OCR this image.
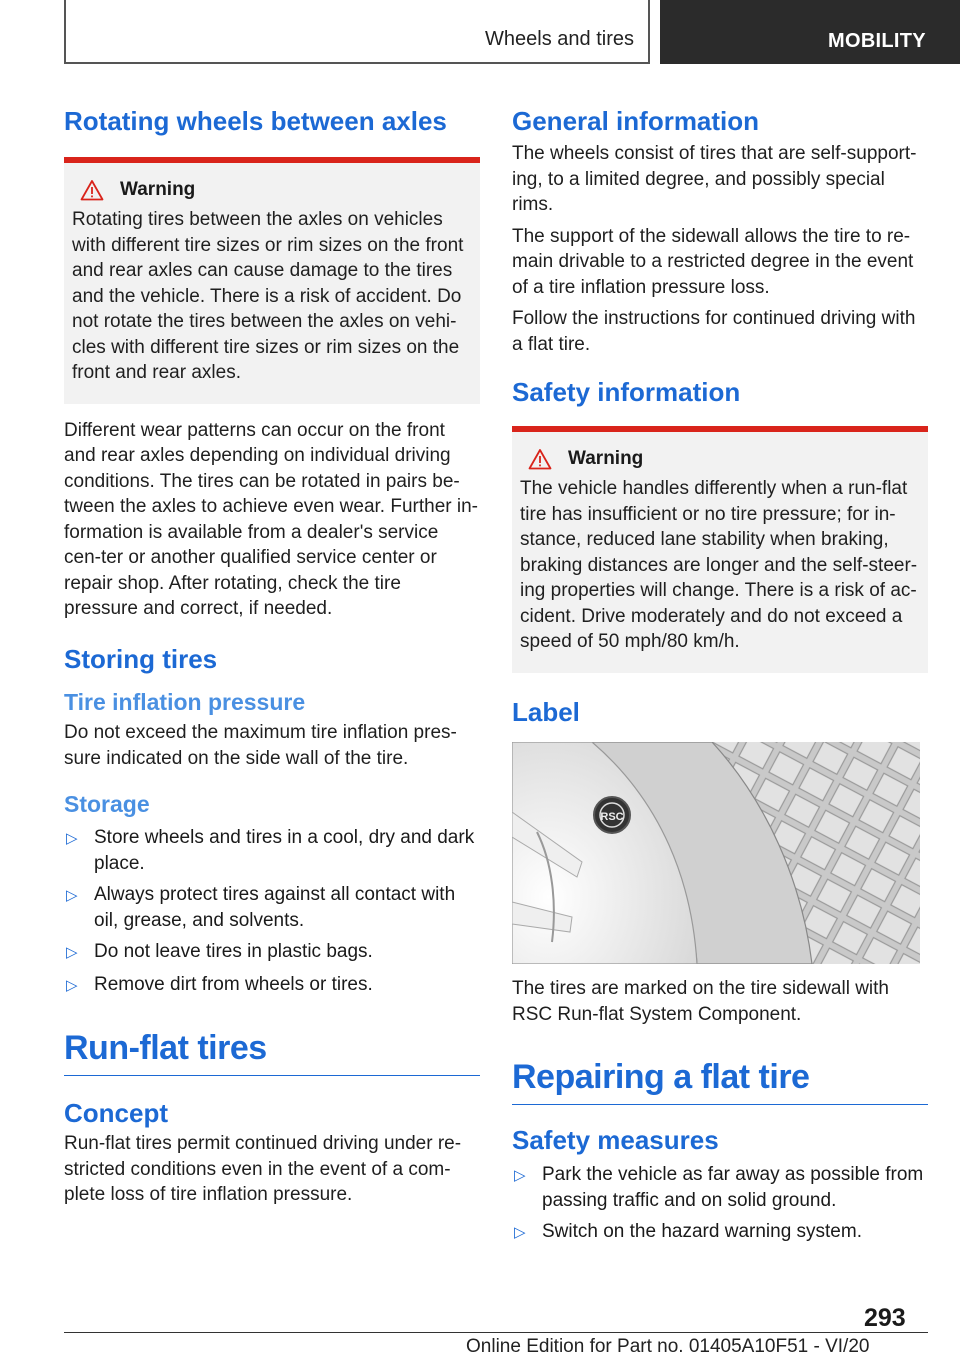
Wheels and tires	MOBILITY
Rotating wheels between axles
Warning

Rotating tires between the axles on vehicles with different tire sizes or rim sizes on the front and rear axles can cause damage to the tires and the vehicle. There is a risk of accident. Do not rotate the tires between the axles on vehi-cles with different tire sizes or rim sizes on the front and rear axles.

Different wear patterns can occur on the front and rear axles depending on individual driving conditions. The tires can be rotated in pairs be-tween the axles to achieve even wear. Further in-formation is available from a dealer's service cen-ter or another qualified service center or repair shop. After rotating, check the tire pressure and correct, if needed.

Storing tires
Tire inflation pressure

Do not exceed the maximum tire inflation pres-sure indicated on the side wall of the tire.

Storage
▷ Store wheels and tires in a cool, dry and dark place.
▷ Always protect tires against all contact with oil, grease, and solvents.
▷ Do not leave tires in plastic bags.
▷ Remove dirt from wheels or tires.
Run-flat tires
Concept

Run-flat tires permit continued driving under re-stricted conditions even in the event of a com-plete loss of tire inflation pressure.

General information

The wheels consist of tires that are self-support-ing, to a limited degree, and possibly special rims.

The support of the sidewall allows the tire to re-main drivable to a restricted degree in the event of a tire inflation pressure loss.

Follow the instructions for continued driving with a flat tire.

Safety information
Warning

The vehicle handles differently when a run-flat tire has insufficient or no tire pressure; for in-stance, reduced lane stability when braking, braking distances are longer and the self-steer-ing properties will change. There is a risk of ac-cident. Drive moderately and do not exceed a speed of 50 mph/80 km/h.

Label
RSC

The tires are marked on the tire sidewall with RSC Run-flat System Component.

Repairing a flat tire
Safety measures
▷ Park the vehicle as far away as possible from passing traffic and on solid ground.
▷ Switch on the hazard warning system.
293
Online Edition for Part no. 01405A10F51 - VI/20
